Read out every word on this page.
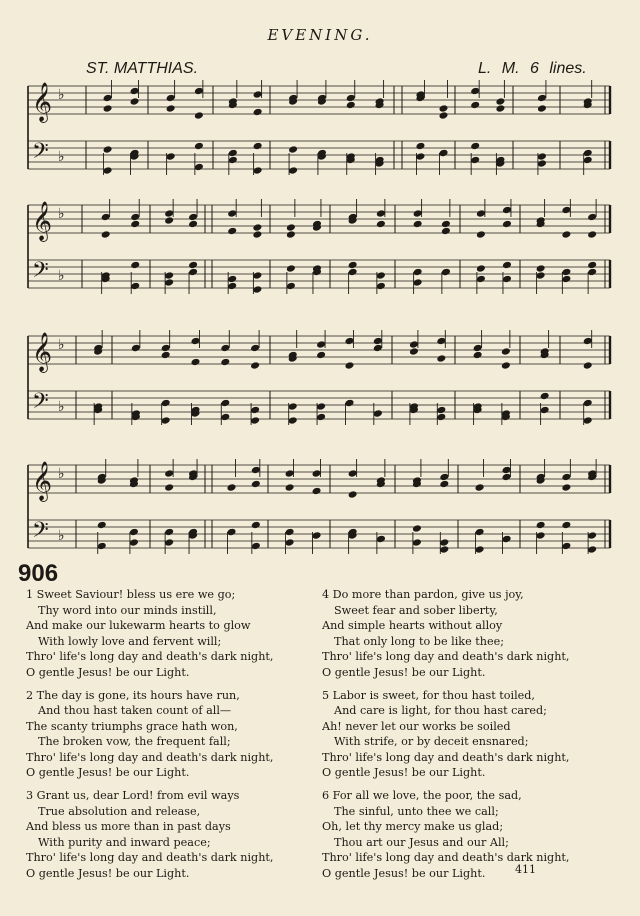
EVENING.
ST. MATTHIAS.	L. M. 6 lines.
𝄞 ♭
𝄢 ♭
𝄞 ♭
𝄢 ♭
𝄞 ♭
𝄢 ♭
𝄞 ♭
𝄢 ♭
906
1 Sweet Saviour! bless us ere we go;
Thy word into our minds instill,
And make our lukewarm hearts to glow
With lowly love and fervent will;
Thro' life's long day and death's dark night,
O gentle Jesus! be our Light.
2 The day is gone, its hours have run,
And thou hast taken count of all—
The scanty triumphs grace hath won,
The broken vow, the frequent fall;
Thro' life's long day and death's dark night,
O gentle Jesus! be our Light.
3 Grant us, dear Lord! from evil ways
True absolution and release,
And bless us more than in past days
With purity and inward peace;
Thro' life's long day and death's dark night,
O gentle Jesus! be our Light.
4 Do more than pardon, give us joy,
Sweet fear and sober liberty,
And simple hearts without alloy
That only long to be like thee;
Thro' life's long day and death's dark night,
O gentle Jesus! be our Light.
5 Labor is sweet, for thou hast toiled,
And care is light, for thou hast cared;
Ah! never let our works be soiled
With strife, or by deceit ensnared;
Thro' life's long day and death's dark night,
O gentle Jesus! be our Light.
6 For all we love, the poor, the sad,
The sinful, unto thee we call;
Oh, let thy mercy make us glad;
Thou art our Jesus and our All;
Thro' life's long day and death's dark night,
O gentle Jesus! be our Light.	411
